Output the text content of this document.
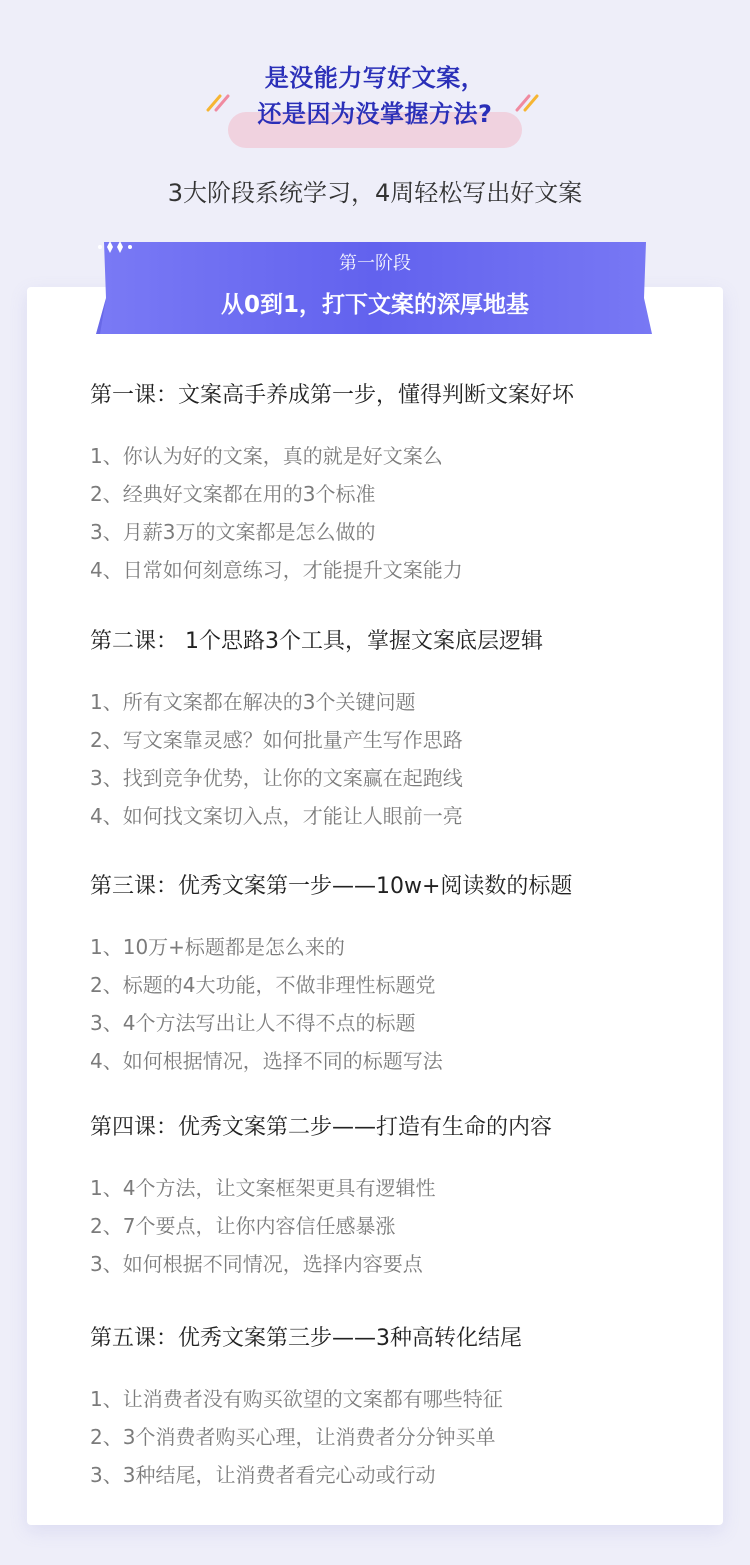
是没能力写好文案，
还是因为没掌握方法?
3大阶段系统学习，4周轻松写出好文案
第一阶段
从0到1，打下文案的深厚地基
第一课：文案高手养成第一步，懂得判断文案好坏
1、你认为好的文案，真的就是好文案么
2、经典好文案都在用的3个标准
3、月薪3万的文案都是怎么做的
4、日常如何刻意练习，才能提升文案能力
第二课： 1个思路3个工具，掌握文案底层逻辑
1、所有文案都在解决的3个关键问题
2、写文案靠灵感？如何批量产生写作思路
3、找到竞争优势，让你的文案赢在起跑线
4、如何找文案切入点，才能让人眼前一亮
第三课：优秀文案第一步——10w+阅读数的标题
1、10万+标题都是怎么来的
2、标题的4大功能，不做非理性标题党
3、4个方法写出让人不得不点的标题
4、如何根据情况，选择不同的标题写法
第四课：优秀文案第二步——打造有生命的内容
1、4个方法，让文案框架更具有逻辑性
2、7个要点，让你内容信任感暴涨
3、如何根据不同情况，选择内容要点
第五课：优秀文案第三步——3种高转化结尾
1、让消费者没有购买欲望的文案都有哪些特征
2、3个消费者购买心理，让消费者分分钟买单
3、3种结尾，让消费者看完心动或行动
